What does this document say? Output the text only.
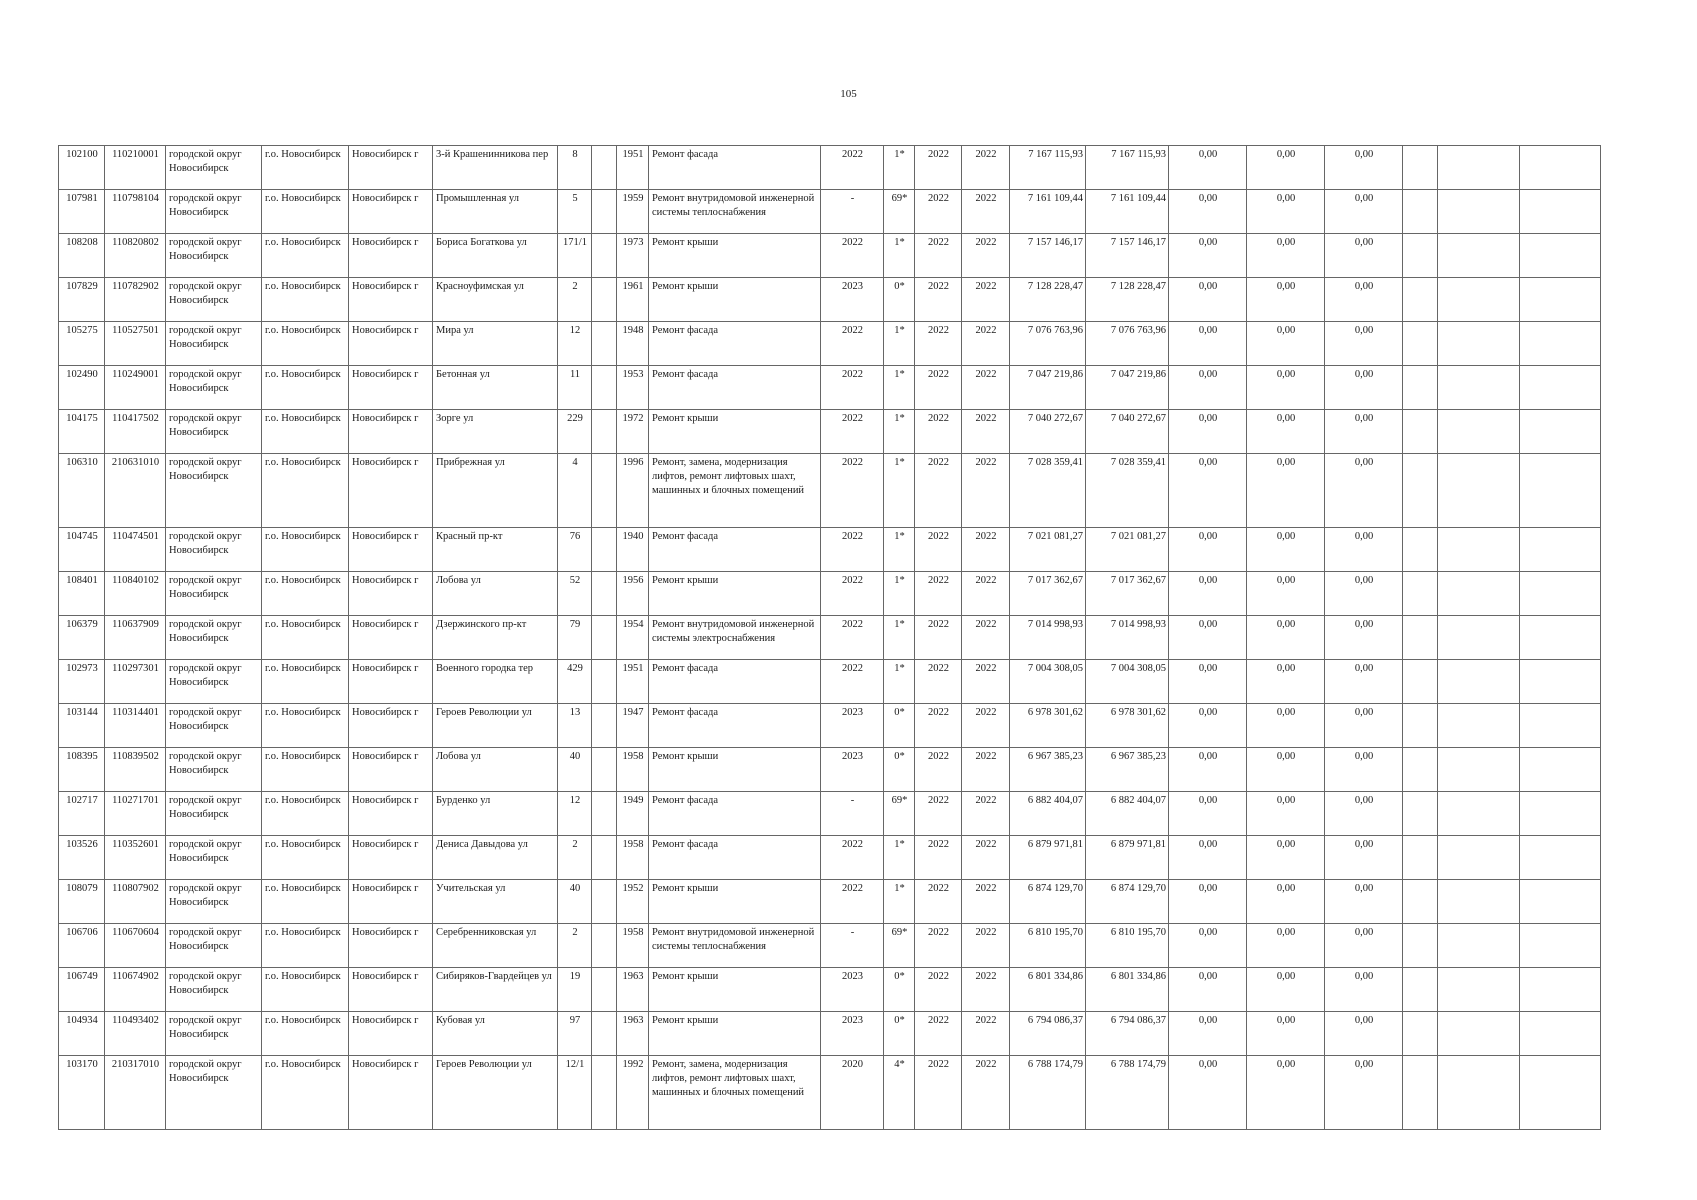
105
102100	110210001	городской округ Новосибирск	г.о. Новосибирск	Новосибирск г	3-й Крашенинникова пер	8		1951	Ремонт фасада	2022	1*	2022	2022	7 167 115,93	7 167 115,93	0,00	0,00	0,00			
107981	110798104	городской округ Новосибирск	г.о. Новосибирск	Новосибирск г	Промышленная ул	5		1959	Ремонт внутридомовой инженерной системы теплоснабжения	-	69*	2022	2022	7 161 109,44	7 161 109,44	0,00	0,00	0,00			
108208	110820802	городской округ Новосибирск	г.о. Новосибирск	Новосибирск г	Бориса Богаткова ул	171/1		1973	Ремонт крыши	2022	1*	2022	2022	7 157 146,17	7 157 146,17	0,00	0,00	0,00			
107829	110782902	городской округ Новосибирск	г.о. Новосибирск	Новосибирск г	Красноуфимская ул	2		1961	Ремонт крыши	2023	0*	2022	2022	7 128 228,47	7 128 228,47	0,00	0,00	0,00			
105275	110527501	городской округ Новосибирск	г.о. Новосибирск	Новосибирск г	Мира ул	12		1948	Ремонт фасада	2022	1*	2022	2022	7 076 763,96	7 076 763,96	0,00	0,00	0,00			
102490	110249001	городской округ Новосибирск	г.о. Новосибирск	Новосибирск г	Бетонная ул	11		1953	Ремонт фасада	2022	1*	2022	2022	7 047 219,86	7 047 219,86	0,00	0,00	0,00			
104175	110417502	городской округ Новосибирск	г.о. Новосибирск	Новосибирск г	Зорге ул	229		1972	Ремонт крыши	2022	1*	2022	2022	7 040 272,67	7 040 272,67	0,00	0,00	0,00			
106310	210631010	городской округ Новосибирск	г.о. Новосибирск	Новосибирск г	Прибрежная ул	4		1996	Ремонт, замена, модернизация лифтов, ремонт лифтовых шахт, машинных и блочных помещений	2022	1*	2022	2022	7 028 359,41	7 028 359,41	0,00	0,00	0,00			
104745	110474501	городской округ Новосибирск	г.о. Новосибирск	Новосибирск г	Красный пр-кт	76		1940	Ремонт фасада	2022	1*	2022	2022	7 021 081,27	7 021 081,27	0,00	0,00	0,00			
108401	110840102	городской округ Новосибирск	г.о. Новосибирск	Новосибирск г	Лобова ул	52		1956	Ремонт крыши	2022	1*	2022	2022	7 017 362,67	7 017 362,67	0,00	0,00	0,00			
106379	110637909	городской округ Новосибирск	г.о. Новосибирск	Новосибирск г	Дзержинского пр-кт	79		1954	Ремонт внутридомовой инженерной системы электроснабжения	2022	1*	2022	2022	7 014 998,93	7 014 998,93	0,00	0,00	0,00			
102973	110297301	городской округ Новосибирск	г.о. Новосибирск	Новосибирск г	Военного городка тер	429		1951	Ремонт фасада	2022	1*	2022	2022	7 004 308,05	7 004 308,05	0,00	0,00	0,00			
103144	110314401	городской округ Новосибирск	г.о. Новосибирск	Новосибирск г	Героев Революции ул	13		1947	Ремонт фасада	2023	0*	2022	2022	6 978 301,62	6 978 301,62	0,00	0,00	0,00			
108395	110839502	городской округ Новосибирск	г.о. Новосибирск	Новосибирск г	Лобова ул	40		1958	Ремонт крыши	2023	0*	2022	2022	6 967 385,23	6 967 385,23	0,00	0,00	0,00			
102717	110271701	городской округ Новосибирск	г.о. Новосибирск	Новосибирск г	Бурденко ул	12		1949	Ремонт фасада	-	69*	2022	2022	6 882 404,07	6 882 404,07	0,00	0,00	0,00			
103526	110352601	городской округ Новосибирск	г.о. Новосибирск	Новосибирск г	Дениса Давыдова ул	2		1958	Ремонт фасада	2022	1*	2022	2022	6 879 971,81	6 879 971,81	0,00	0,00	0,00			
108079	110807902	городской округ Новосибирск	г.о. Новосибирск	Новосибирск г	Учительская ул	40		1952	Ремонт крыши	2022	1*	2022	2022	6 874 129,70	6 874 129,70	0,00	0,00	0,00			
106706	110670604	городской округ Новосибирск	г.о. Новосибирск	Новосибирск г	Серебренниковская ул	2		1958	Ремонт внутридомовой инженерной системы теплоснабжения	-	69*	2022	2022	6 810 195,70	6 810 195,70	0,00	0,00	0,00			
106749	110674902	городской округ Новосибирск	г.о. Новосибирск	Новосибирск г	Сибиряков-Гвардейцев ул	19		1963	Ремонт крыши	2023	0*	2022	2022	6 801 334,86	6 801 334,86	0,00	0,00	0,00			
104934	110493402	городской округ Новосибирск	г.о. Новосибирск	Новосибирск г	Кубовая ул	97		1963	Ремонт крыши	2023	0*	2022	2022	6 794 086,37	6 794 086,37	0,00	0,00	0,00			
103170	210317010	городской округ Новосибирск	г.о. Новосибирск	Новосибирск г	Героев Революции ул	12/1		1992	Ремонт, замена, модернизация лифтов, ремонт лифтовых шахт, машинных и блочных помещений	2020	4*	2022	2022	6 788 174,79	6 788 174,79	0,00	0,00	0,00			
